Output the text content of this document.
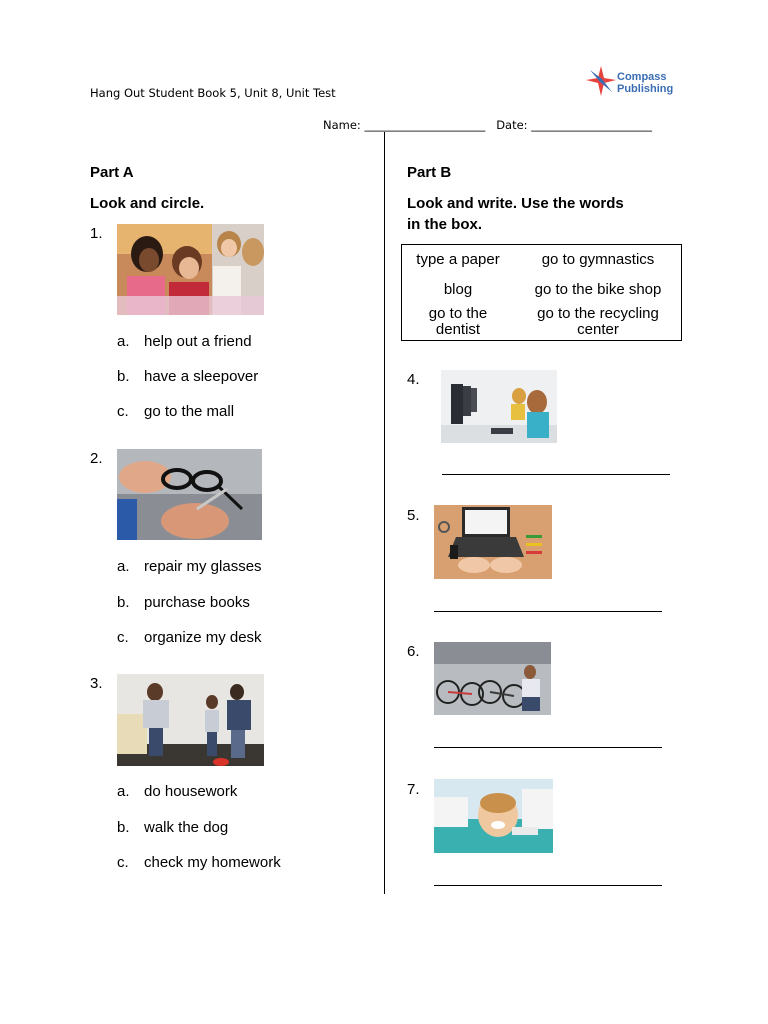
Hang Out Student Book 5, Unit 8, Unit Test
Compass
Publishing
Name: _____________________ Date: _____________________
Part A
Look and circle.
1.
a. help out a friend
b. have a sleepover
c. go to the mall
2.
a. repair my glasses
b. purchase books
c. organize my desk
3.
a. do housework
b. walk the dog
c. check my homework
Part B
Look and write. Use the words
in the box.
type a paper	go to gymnastics
blog	go to the bike shop
go to the
dentist
go to the recycling
center
4.
5.
6.
7.
